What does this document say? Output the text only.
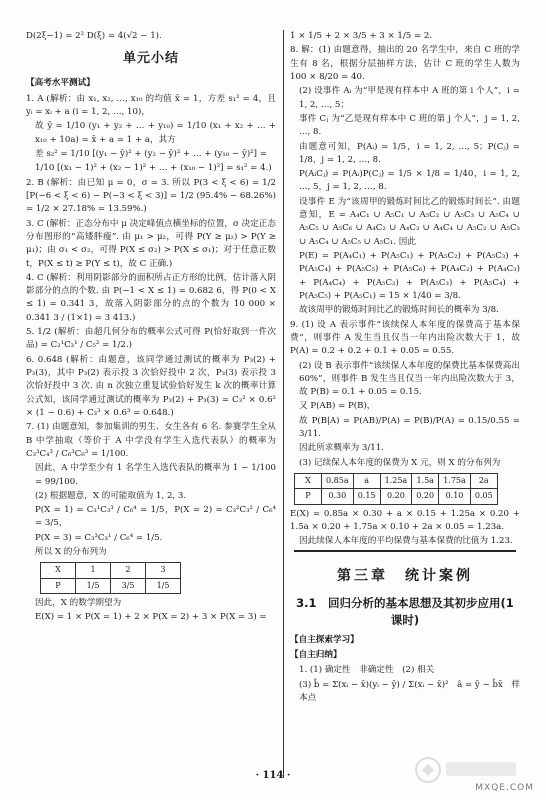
D(2ξ−1) = 2² D(ξ) = 4(√2 − 1).

单元小结
【高考水平测试】

1. A (解析：由 x₁, x₂, …, x₁₀ 的均值 x̄ = 1，方差 s₁² = 4，且 yᵢ = xᵢ + a (i = 1, 2, …, 10)，

故 ȳ = 1/10 (y₁ + y₂ + … + y₁₀) = 1/10 (x₁ + x₂ + … + x₁₀ + 10a) = x̄ + a = 1 + a，其方

差 s₂² = 1/10 [(y₁ − ȳ)² + (y₂ − ȳ)² + … + (y₁₀ − ȳ)²] =

1/10 [(x₁ − 1)² + (x₂ − 1)² + … + (x₁₀ − 1)²] = s₁² = 4.)

2. B (解析：由已知 μ = 0，σ = 3. 所以 P(3 < ξ < 6) = 1/2 [P(−6 < ξ < 6) − P(−3 < ξ < 3)] = 1/2 (95.4% − 68.26%) = 1/2 × 27.18% = 13.59%.)

3. C (解析：正态分布中 μ 决定峰值点横坐标的位置，σ 决定正态分布图形的“高矮胖瘦”. 由 μ₁ > μ₂，可得 P(Y ≥ μ₂) > P(Y ≥ μ₁)；由 σ₁ < σ₂，可得 P(X ≤ σ₂) > P(X ≤ σ₁)；对于任意正数 t，P(X ≤ t) ≥ P(Y ≤ t)，故 C 正确.)

4. C (解析：利用阴影部分的面积所占正方形的比例，估计落入阴影部分的点的个数. 由 P(−1 < X ≤ 1) = 0.682 6，得 P(0 < X ≤ 1) = 0.341 3，故落入阴影部分的点的个数为 10 000 × 0.341 3 / (1×1) = 3 413.)

5. 1/2 (解析：由超几何分布的概率公式可得 P(恰好取到一件次品) = C₂¹C₃¹ / C₅² = 1/2.)

6. 0.648 (解析：由题意，该同学通过测试的概率为 P₃(2) + P₃(3)，其中 P₃(2) 表示投 3 次恰好投中 2 次，P₃(3) 表示投 3 次恰好投中 3 次. 由 n 次独立重复试验恰好发生 k 次的概率计算公式知，该同学通过测试的概率为 P₃(2) + P₃(3) = C₃² × 0.6² × (1 − 0.6) + C₃³ × 0.6³ = 0.648.)

7. (1) 由题意知，参加集训的男生、女生各有 6 名. 参赛学生全从 B 中学抽取（等价于 A 中学没有学生入选代表队）的概率为 C₃³C₄³ / C₆³C₆³ = 1/100.

因此，A 中学至少有 1 名学生入选代表队的概率为 1 − 1/100 = 99/100.

(2) 根据题意，X 的可能取值为 1, 2, 3.

P(X = 1) = C₃¹C₃³ / C₆⁴ = 1/5，P(X = 2) = C₃²C₃² / C₆⁴ = 3/5，

P(X = 3) = C₃³C₃¹ / C₆⁴ = 1/5.

所以 X 的分布列为

X	1	2	3
P	1/5	3/5	1/5

因此，X 的数学期望为

E(X) = 1 × P(X = 1) + 2 × P(X = 2) + 3 × P(X = 3) =

1 × 1/5 + 2 × 3/5 + 3 × 1/5 = 2.

8. 解：(1) 由题意得，抽出的 20 名学生中，来自 C 班的学生有 8 名，根据分层抽样方法，估计 C 班的学生人数为 100 × 8/20 = 40.

(2) 设事件 Aᵢ 为“甲是现有样本中 A 班的第 i 个人”，i = 1, 2, …, 5；

事件 Cⱼ 为“乙是现有样本中 C 班的第 j 个人”，j = 1, 2, …, 8.

由题意可知，P(Aᵢ) = 1/5，i = 1, 2, …, 5；P(Cⱼ) = 1/8，j = 1, 2, …, 8.

P(AᵢCⱼ) = P(Aᵢ)P(Cⱼ) = 1/5 × 1/8 = 1/40，i = 1, 2, …, 5，j = 1, 2, …, 8.

设事件 E 为“该周甲的锻炼时间比乙的锻炼时间长”. 由题意知，E = A₄C₁ ∪ A₅C₁ ∪ A₅C₂ ∪ A₅C₃ ∪ A₅C₄ ∪ A₅C₅ ∪ A₅C₆ ∪ A₄C₂ ∪ A₄C₃ ∪ A₄C₄ ∪ A₅C₂ ∪ A₅C₃ ∪ A₅C₄ ∪ A₅C₅ ∪ A₅C₁. 因此

P(E) = P(A₄C₁) + P(A₅C₁) + P(A₅C₂) + P(A₅C₃) + P(A₅C₄) + P(A₅C₅) + P(A₅C₆) + P(A₄C₂) + P(A₄C₃) + P(A₄C₄) + P(A₅C₂) + P(A₅C₃) + P(A₅C₄) + P(A₅C₅) + P(A₅C₁) = 15 × 1/40 = 3/8.

故该周甲的锻炼时间比乙的锻炼时间长的概率为 3/8.

9. (1) 设 A 表示事件“该续保人本年度的保费高于基本保费”，则事件 A 发生当且仅当一年内出险次数大于 1，故 P(A) = 0.2 + 0.2 + 0.1 + 0.05 = 0.55.

(2) 设 B 表示事件“该续保人本年度的保费比基本保费高出 60%”，则事件 B 发生当且仅当一年内出险次数大于 3，故 P(B) = 0.1 + 0.05 = 0.15.

又 P(AB) = P(B)，

故 P(B|A) = P(AB)/P(A) = P(B)/P(A) = 0.15/0.55 = 3/11.

因此所求概率为 3/11.

(3) 记续保人本年度的保费为 X 元，则 X 的分布列为

X	0.85a	a	1.25a	1.5a	1.75a	2a
P	0.30	0.15	0.20	0.20	0.10	0.05

E(X) = 0.85a × 0.30 + a × 0.15 + 1.25a × 0.20 + 1.5a × 0.20 + 1.75a × 0.10 + 2a × 0.05 = 1.23a.

因此续保人本年度的平均保费与基本保费的比值为 1.23.

第三章　统计案例
3.1　回归分析的基本思想及其初步应用(1 课时)
【自主探索学习】
【自主归纳】

1. (1) 确定性　非确定性　(2) 相关

(3) b̂ = Σ(xᵢ − x̄)(yᵢ − ȳ) / Σ(xᵢ − x̄)²　â = ȳ − b̂x̄　样本点

· 114 ·
MXQE.COM
